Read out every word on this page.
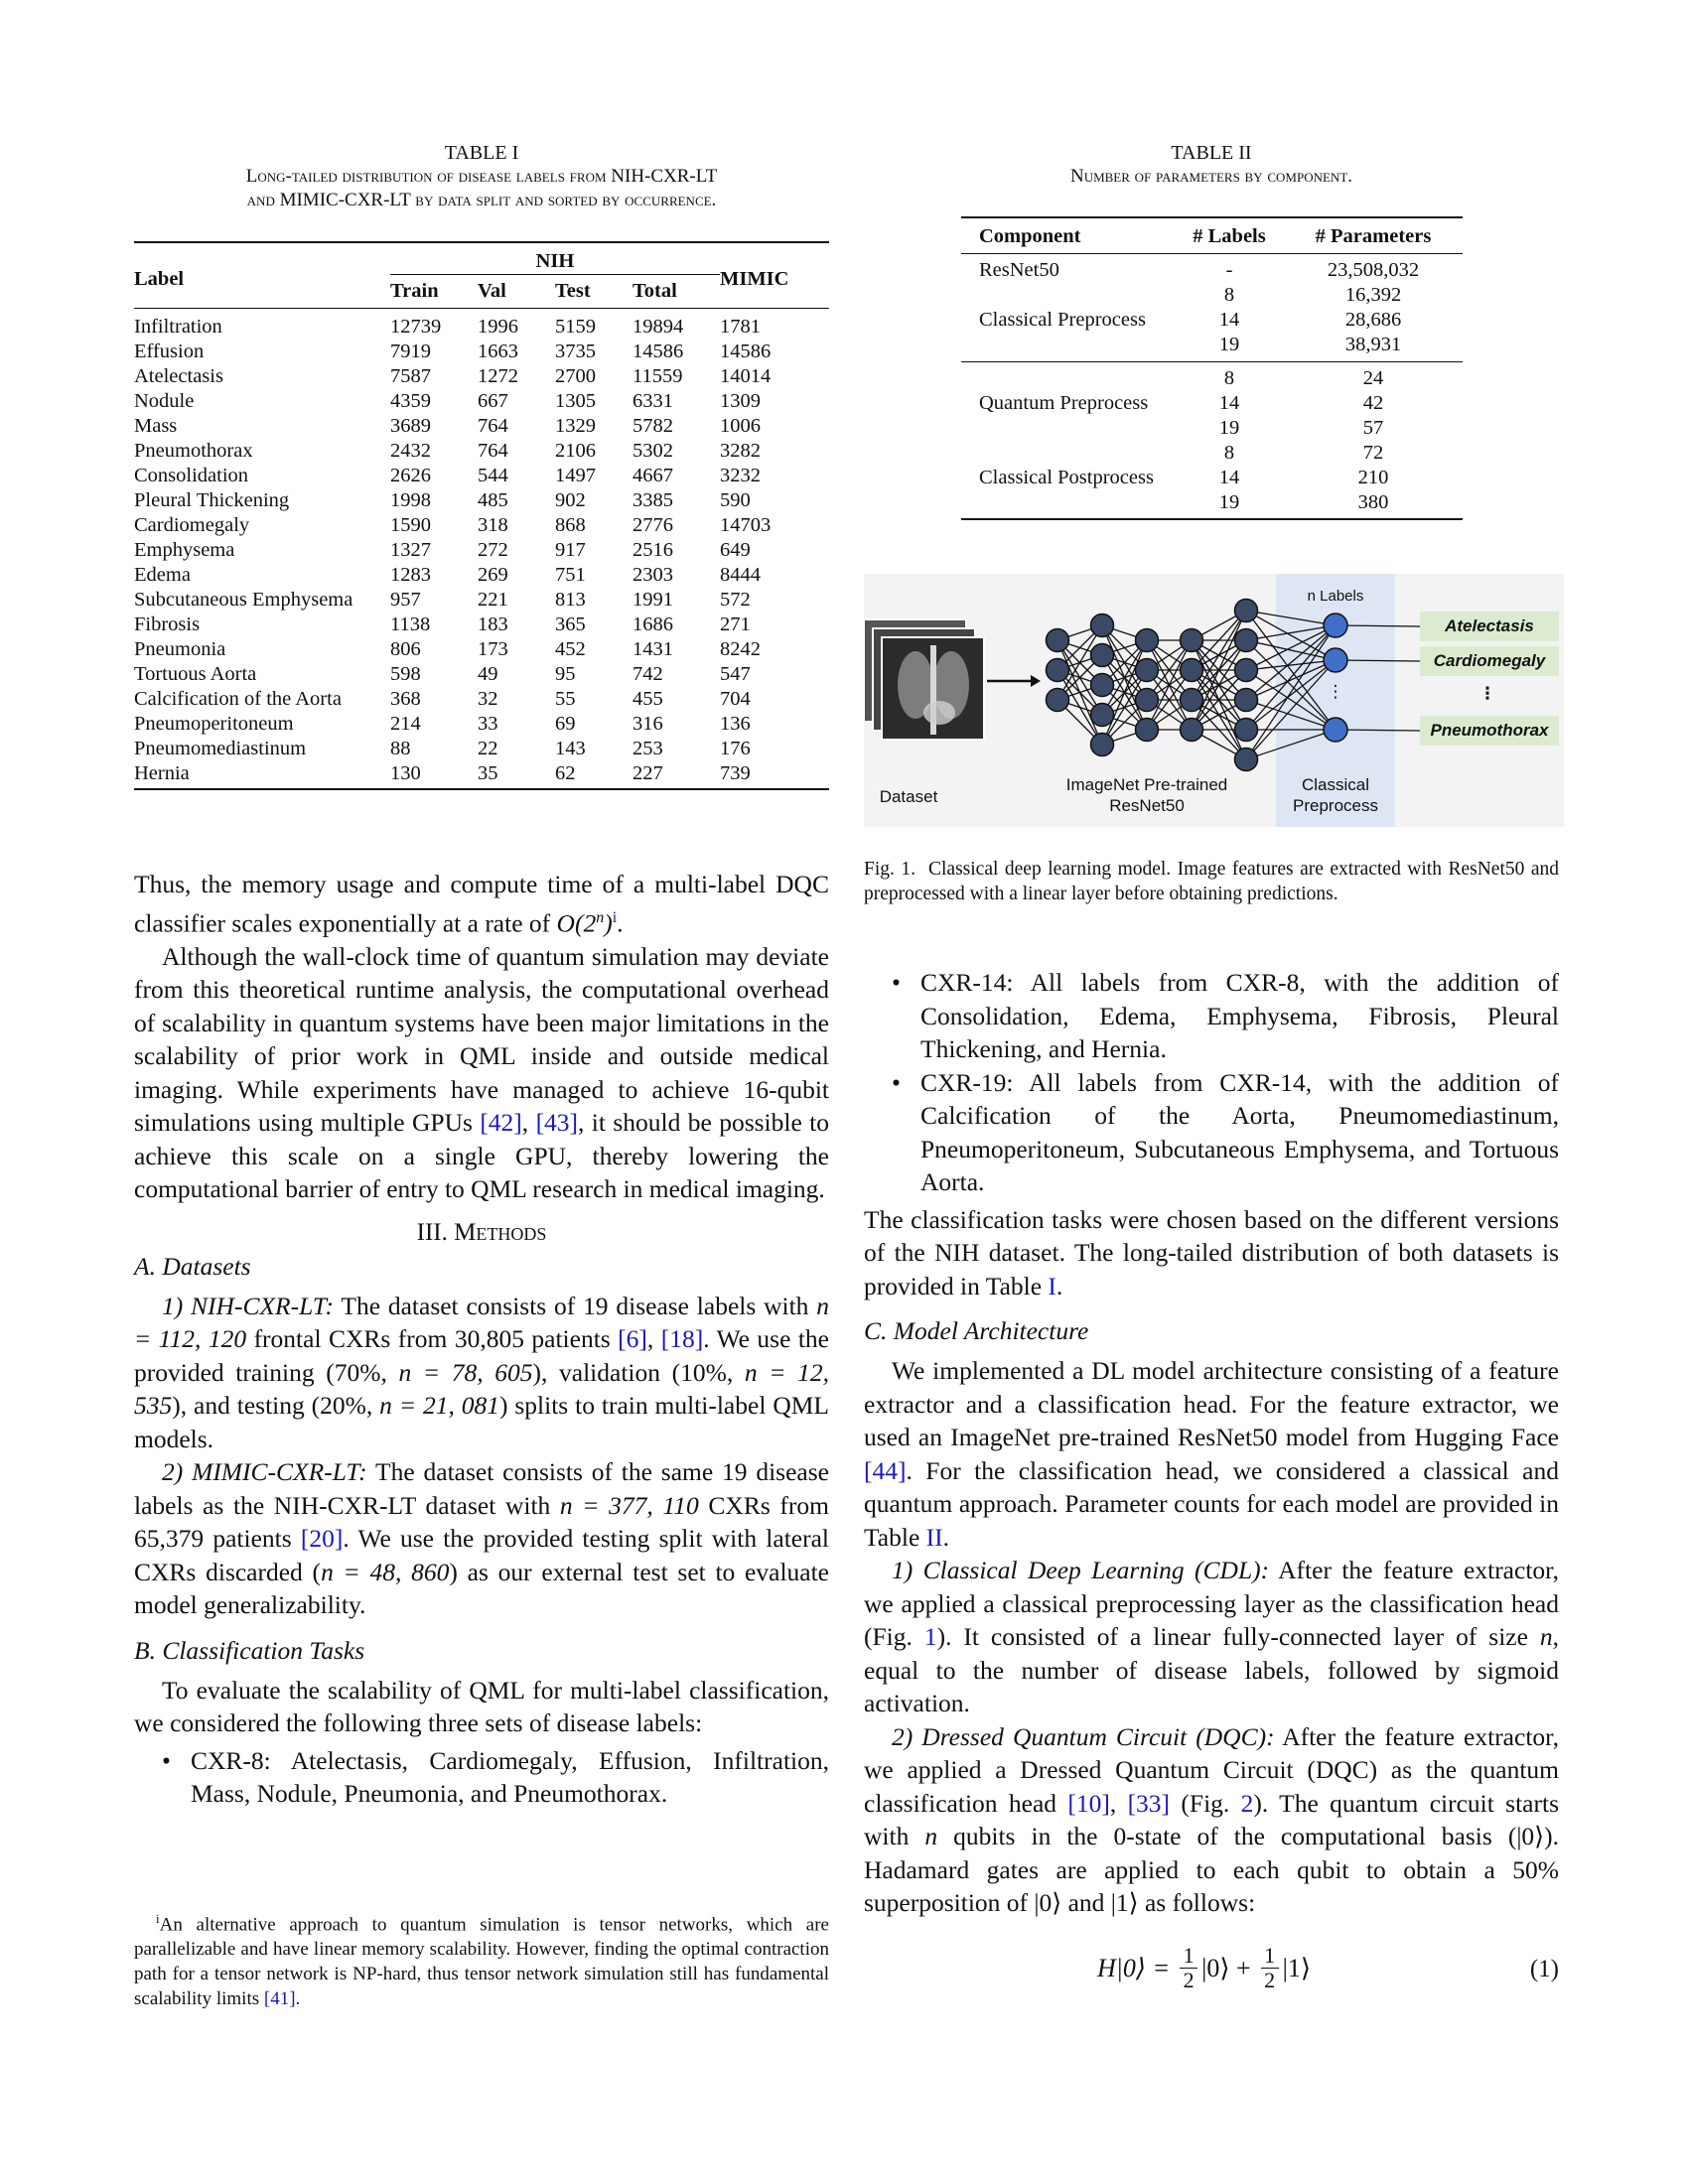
TABLE I
Long-tailed distribution of disease labels from NIH-CXR-LT
and MIMIC-CXR-LT by data split and sorted by occurrence.
Label	NIH				MIMIC
	Train	Val	Test	Total	
Infiltration	12739	1996	5159	19894	1781
Effusion	7919	1663	3735	14586	14586
Atelectasis	7587	1272	2700	11559	14014
Nodule	4359	667	1305	6331	1309
Mass	3689	764	1329	5782	1006
Pneumothorax	2432	764	2106	5302	3282
Consolidation	2626	544	1497	4667	3232
Pleural Thickening	1998	485	902	3385	590
Cardiomegaly	1590	318	868	2776	14703
Emphysema	1327	272	917	2516	649
Edema	1283	269	751	2303	8444
Subcutaneous Emphysema	957	221	813	1991	572
Fibrosis	1138	183	365	1686	271
Pneumonia	806	173	452	1431	8242
Tortuous Aorta	598	49	95	742	547
Calcification of the Aorta	368	32	55	455	704
Pneumoperitoneum	214	33	69	316	136
Pneumomediastinum	88	22	143	253	176
Hernia	130	35	62	227	739
TABLE II
Number of parameters by component.
Component	# Labels	# Parameters
ResNet50	-	23,508,032
	8	16,392
Classical Preprocess	14	28,686
	19	38,931
	8	24
Quantum Preprocess	14	42
	19	57
	8	72
Classical Postprocess	14	210
	19	380
Atelectasis
Cardiomegaly
Pneumothorax
⋮
n Labels
⋮
Dataset
ImageNet Pre-trained
ResNet50
Classical
Preprocess
Fig. 1. Classical deep learning model. Image features are extracted with ResNet50 and preprocessed with a linear layer before obtaining predictions.

Thus, the memory usage and compute time of a multi-label DQC classifier scales exponentially at a rate of O(2$^n$)$^i$.

Although the wall-clock time of quantum simulation may deviate from this theoretical runtime analysis, the computational overhead of scalability in quantum systems have been major limitations in the scalability of prior work in QML inside and outside medical imaging. While experiments have managed to achieve 16-qubit simulations using multiple GPUs [42], [43], it should be possible to achieve this scale on a single GPU, thereby lowering the computational barrier of entry to QML research in medical imaging.

III. Methods
A. Datasets

1) NIH-CXR-LT: The dataset consists of 19 disease labels with n = 112, 120 frontal CXRs from 30,805 patients [6], [18]. We use the provided training (70%, n = 78, 605), validation (10%, n = 12, 535), and testing (20%, n = 21, 081) splits to train multi-label QML models.

2) MIMIC-CXR-LT: The dataset consists of the same 19 disease labels as the NIH-CXR-LT dataset with n = 377, 110 CXRs from 65,379 patients [20]. We use the provided testing split with lateral CXRs discarded (n = 48, 860) as our external test set to evaluate model generalizability.

B. Classification Tasks

To evaluate the scalability of QML for multi-label classification, we considered the following three sets of disease labels:

• CXR-8: Atelectasis, Cardiomegaly, Effusion, Infiltration, Mass, Nodule, Pneumonia, and Pneumothorax.
$^i$An alternative approach to quantum simulation is tensor networks, which are parallelizable and have linear memory scalability. However, finding the optimal contraction path for a tensor network is NP-hard, thus tensor network simulation still has fundamental scalability limits [41].
• CXR-14: All labels from CXR-8, with the addition of Consolidation, Edema, Emphysema, Fibrosis, Pleural Thickening, and Hernia.
• CXR-19: All labels from CXR-14, with the addition of Calcification of the Aorta, Pneumomediastinum, Pneumoperitoneum, Subcutaneous Emphysema, and Tortuous Aorta.

The classification tasks were chosen based on the different versions of the NIH dataset. The long-tailed distribution of both datasets is provided in Table I.

C. Model Architecture

We implemented a DL model architecture consisting of a feature extractor and a classification head. For the feature extractor, we used an ImageNet pre-trained ResNet50 model from Hugging Face [44]. For the classification head, we considered a classical and quantum approach. Parameter counts for each model are provided in Table II.

1) Classical Deep Learning (CDL): After the feature extractor, we applied a classical preprocessing layer as the classification head (Fig. 1). It consisted of a linear fully-connected layer of size n, equal to the number of disease labels, followed by sigmoid activation.

2) Dressed Quantum Circuit (DQC): After the feature extractor, we applied a Dressed Quantum Circuit (DQC) as the quantum classification head [10], [33] (Fig. 2). The quantum circuit starts with n qubits in the 0-state of the computational basis (|0⟩). Hadamard gates are applied to each qubit to obtain a 50% superposition of |0⟩ and |1⟩ as follows:

H|0⟩ = $\frac{1}{2}$ |0⟩ + $\frac{1}{2}$ |1⟩	(1)
